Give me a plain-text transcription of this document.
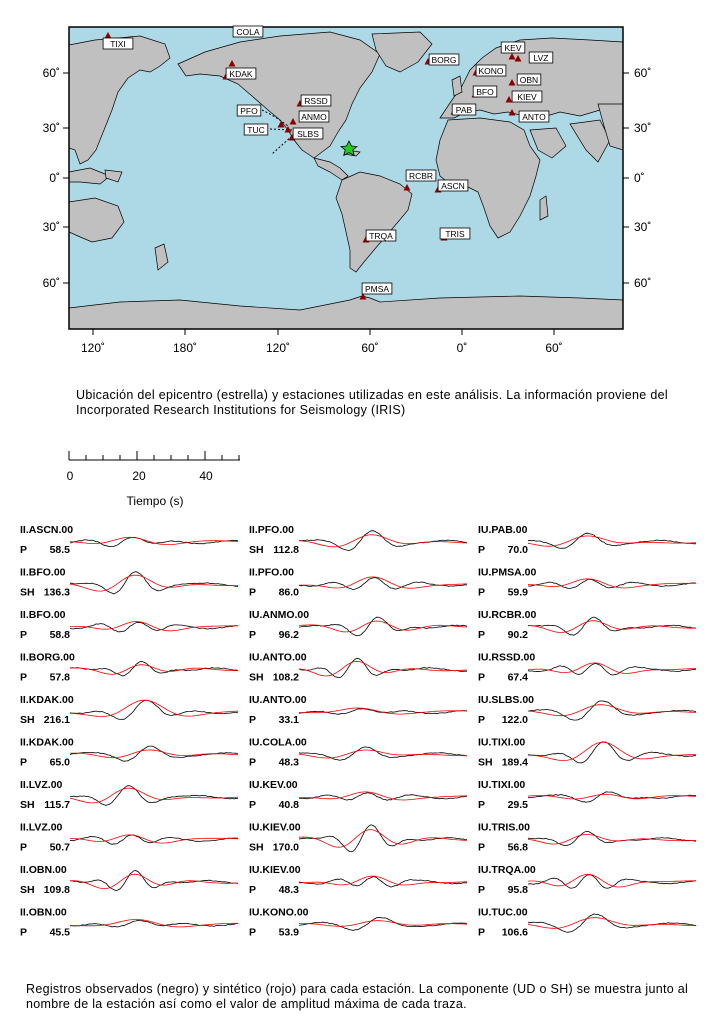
120˚	180˚	120˚	60˚	0˚	60˚
60˚
30˚
0˚
30˚
60˚
60˚
30˚
0˚
30˚
60˚
TIXI
COLA
KDAK
PFO
TUC
RSSD
ANMO
SLBS
BORG
KEV
LVZ
KONO
OBN
BFO	KIEV
PAB
ANTO
RCBR
ASCN
TRQA	TRIS
PMSA
Ubicación del epicentro (estrella) y estaciones utilizadas en este análisis. La información proviene del Incorporated Research Institutions for Seismology (IRIS)
0	20	40
Tiempo (s)
II.ASCN.00
P 58.5
II.BFO.00
SH 136.3
II.BFO.00
P 58.8
II.BORG.00
P 57.8
II.KDAK.00
SH 216.1
II.KDAK.00
P 65.0
II.LVZ.00
SH 115.7
II.LVZ.00
P 50.7
II.OBN.00
SH 109.8
II.OBN.00
P 45.5
II.PFO.00
SH 112.8
II.PFO.00
P 86.0
IU.ANMO.00
P 96.2
IU.ANTO.00
SH 108.2
IU.ANTO.00
P 33.1
IU.COLA.00
P 48.3
IU.KEV.00
P 40.8
IU.KIEV.00
SH 170.0
IU.KIEV.00
P 48.3
IU.KONO.00
P 53.9
IU.PAB.00
P 70.0
IU.PMSA.00
P 59.9
IU.RCBR.00
P 90.2
IU.RSSD.00
P 67.4
IU.SLBS.00
P 122.0
IU.TIXI.00
SH 189.4
IU.TIXI.00
P 29.5
IU.TRIS.00
P 56.8
IU.TRQA.00
P 95.8
IU.TUC.00
P 106.6
Registros observados (negro) y sintético (rojo) para cada estación. La componente (UD o SH) se muestra junto al nombre de la estación así como el valor de amplitud máxima de cada traza.
